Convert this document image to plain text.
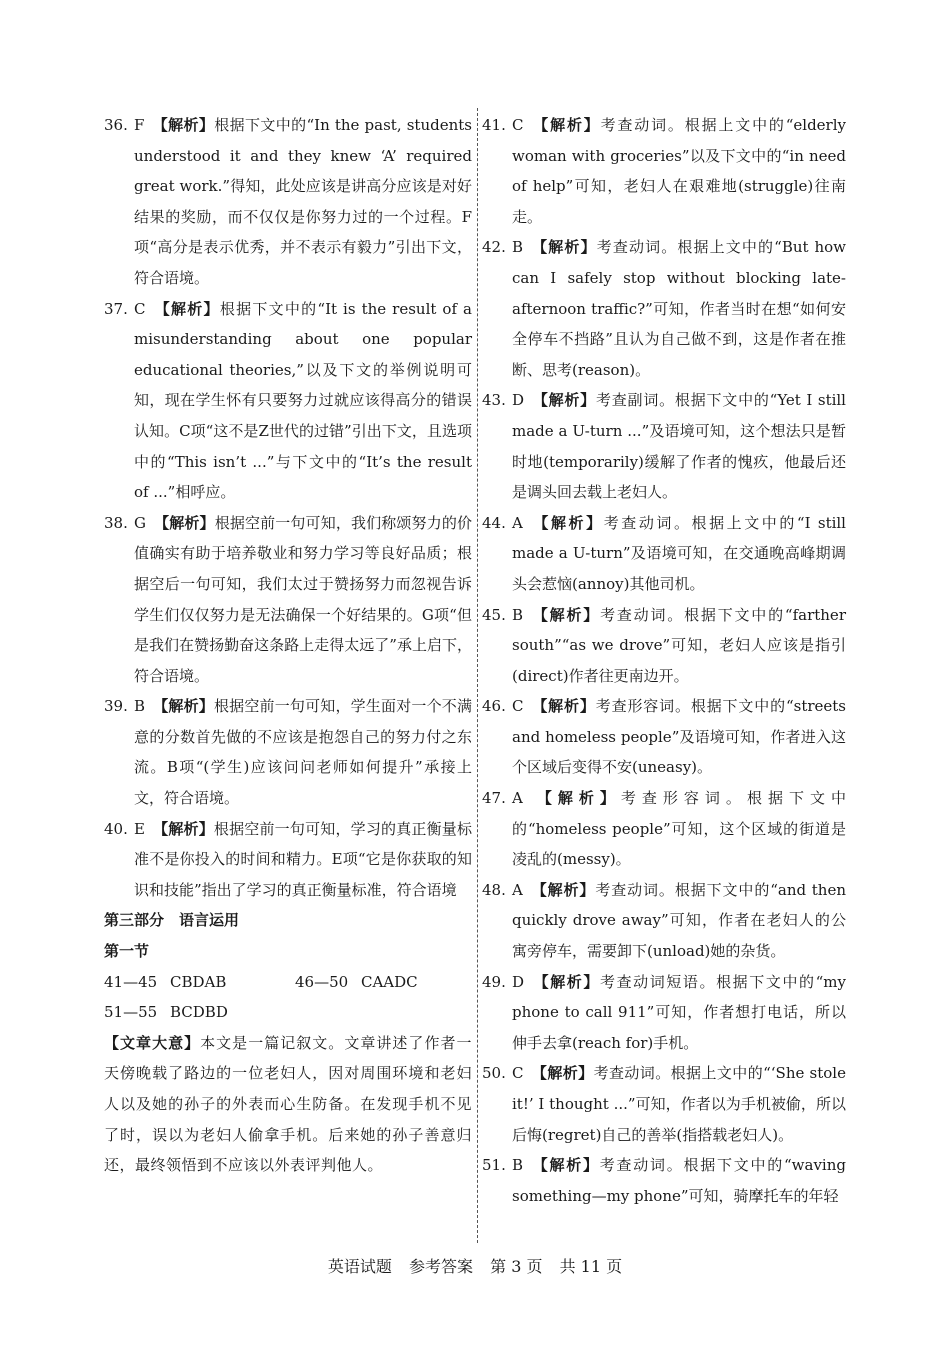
36. F 【解析】根据下文中的“In the past, students understood it and they knew ‘A’ required great work.”得知，此处应该是讲高分应该是对好结果的奖励，而不仅仅是你努力过的一个过程。F项“高分是表示优秀，并不表示有毅力”引出下文，符合语境。
37. C 【解析】根据下文中的“It is the result of a misunderstanding about one popular educational theories,”以及下文的举例说明可知，现在学生怀有只要努力过就应该得高分的错误认知。C项“这不是Z世代的过错”引出下文，且选项中的“This isn’t ...”与下文中的“It’s the result of ...”相呼应。
38. G 【解析】根据空前一句可知，我们称颂努力的价值确实有助于培养敬业和努力学习等良好品质；根据空后一句可知，我们太过于赞扬努力而忽视告诉学生们仅仅努力是无法确保一个好结果的。G项“但是我们在赞扬勤奋这条路上走得太远了”承上启下，符合语境。
39. B 【解析】根据空前一句可知，学生面对一个不满意的分数首先做的不应该是抱怨自己的努力付之东流。B项“(学生)应该问问老师如何提升”承接上文，符合语境。
40. E 【解析】根据空前一句可知，学习的真正衡量标准不是你投入的时间和精力。E项“它是你获取的知识和技能”指出了学习的真正衡量标准，符合语境
第三部分　语言运用
第一节
41—45 CBDAB	46—50 CAADC
51—55 BCDBD
【文章大意】本文是一篇记叙文。文章讲述了作者一天傍晚载了路边的一位老妇人，因对周围环境和老妇人以及她的孙子的外表而心生防备。在发现手机不见了时，误以为老妇人偷拿手机。后来她的孙子善意归还，最终领悟到不应该以外表评判他人。
41. C 【解析】考查动词。根据上文中的“elderly woman with groceries”以及下文中的“in need of help”可知，老妇人在艰难地(struggle)往南走。
42. B 【解析】考查动词。根据上文中的“But how can I safely stop without blocking late-afternoon traffic?”可知，作者当时在想“如何安全停车不挡路”且认为自己做不到，这是作者在推断、思考(reason)。
43. D 【解析】考查副词。根据下文中的“Yet I still made a U-turn ...”及语境可知，这个想法只是暂时地(temporarily)缓解了作者的愧疚，他最后还是调头回去载上老妇人。
44. A 【解析】考查动词。根据上文中的“I still made a U-turn”及语境可知，在交通晚高峰期调头会惹恼(annoy)其他司机。
45. B 【解析】考查动词。根据下文中的“farther south”“as we drove”可知，老妇人应该是指引(direct)作者往更南边开。
46. C 【解析】考查形容词。根据下文中的“streets and homeless people”及语境可知，作者进入这个区域后变得不安(uneasy)。
47. A 【解析】考查形容词。根据下文中的“homeless people”可知，这个区域的街道是凌乱的(messy)。
48. A 【解析】考查动词。根据下文中的“and then quickly drove away”可知，作者在老妇人的公寓旁停车，需要卸下(unload)她的杂货。
49. D 【解析】考查动词短语。根据下文中的“my phone to call 911”可知，作者想打电话，所以伸手去拿(reach for)手机。
50. C 【解析】考查动词。根据上文中的“‘She stole it!’ I thought ...”可知，作者以为手机被偷，所以后悔(regret)自己的善举(指搭载老妇人)。
51. B 【解析】考查动词。根据下文中的“waving something—my phone”可知，骑摩托车的年轻
英语试题 参考答案 第 3 页 共 11 页
